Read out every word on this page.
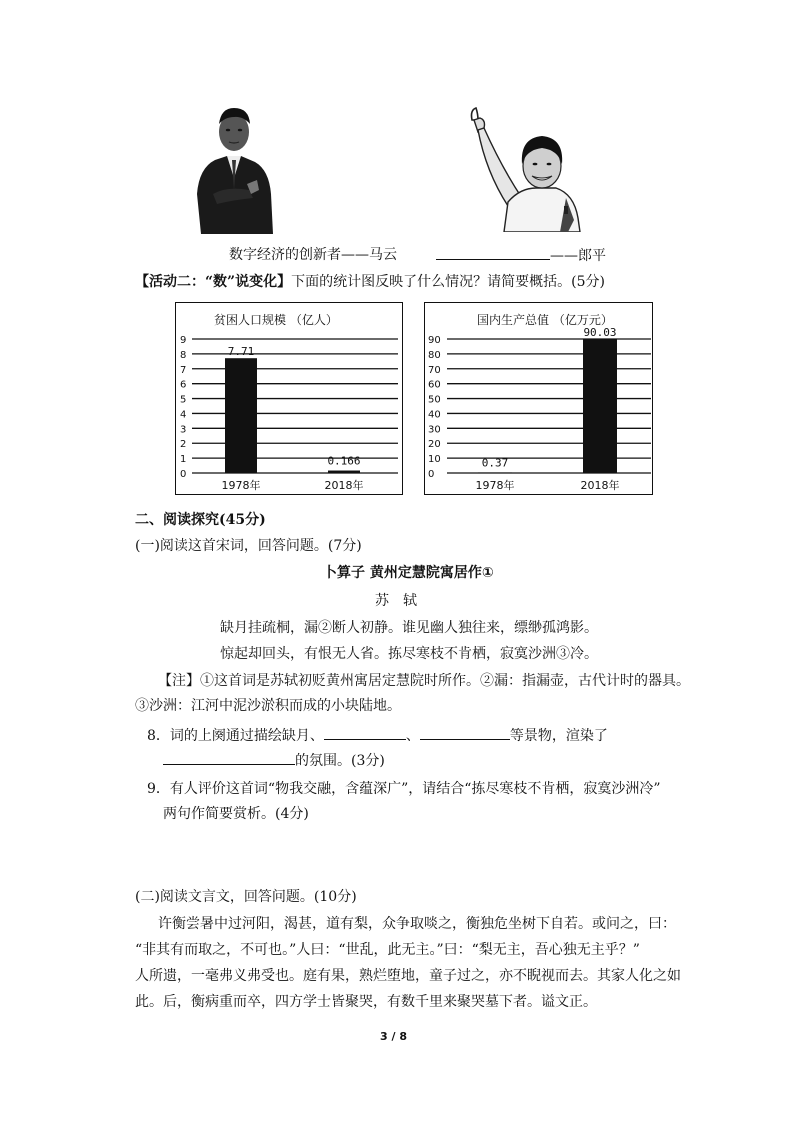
数字经济的创新者——马云	——郎平
【活动二：“数”说变化】下面的统计图反映了什么情况？请简要概括。(5分)
贫困人口规模 （亿人）
0
1
2
3
4
5
6
7
8
9
7.71
1978年
0.166
2018年
国内生产总值 （亿万元）
0
10
20
30
40
50
60
70
80
90
0.37
1978年
90.03
2018年
二、阅读探究(45分)
(一)阅读这首宋词，回答问题。(7分)
卜算子 黄州定慧院寓居作①
苏　轼
缺月挂疏桐，漏②断人初静。谁见幽人独往来，缥缈孤鸿影。
惊起却回头，有恨无人省。拣尽寒枝不肯栖，寂寞沙洲③冷。
【注】①这首词是苏轼初贬黄州寓居定慧院时所作。②漏：指漏壶，古代计时的器具。
③沙洲：江河中泥沙淤积而成的小块陆地。
8．词的上阕通过描绘缺月、	、	等景物，渲染了
的氛围。(3分)
9．有人评价这首词“物我交融，含蕴深广”，请结合“拣尽寒枝不肯栖，寂寞沙洲冷”
两句作简要赏析。(4分)
(二)阅读文言文，回答问题。(10分)
许衡尝暑中过河阳，渴甚，道有梨，众争取啖之，衡独危坐树下自若。或问之，曰：
“非其有而取之，不可也。”人曰：“世乱，此无主。”曰：“梨无主，吾心独无主乎？”
人所遗，一毫弗义弗受也。庭有果，熟烂堕地，童子过之，亦不睨视而去。其家人化之如
此。后，衡病重而卒，四方学士皆聚哭，有数千里来聚哭墓下者。谥文正。
3 / 8
